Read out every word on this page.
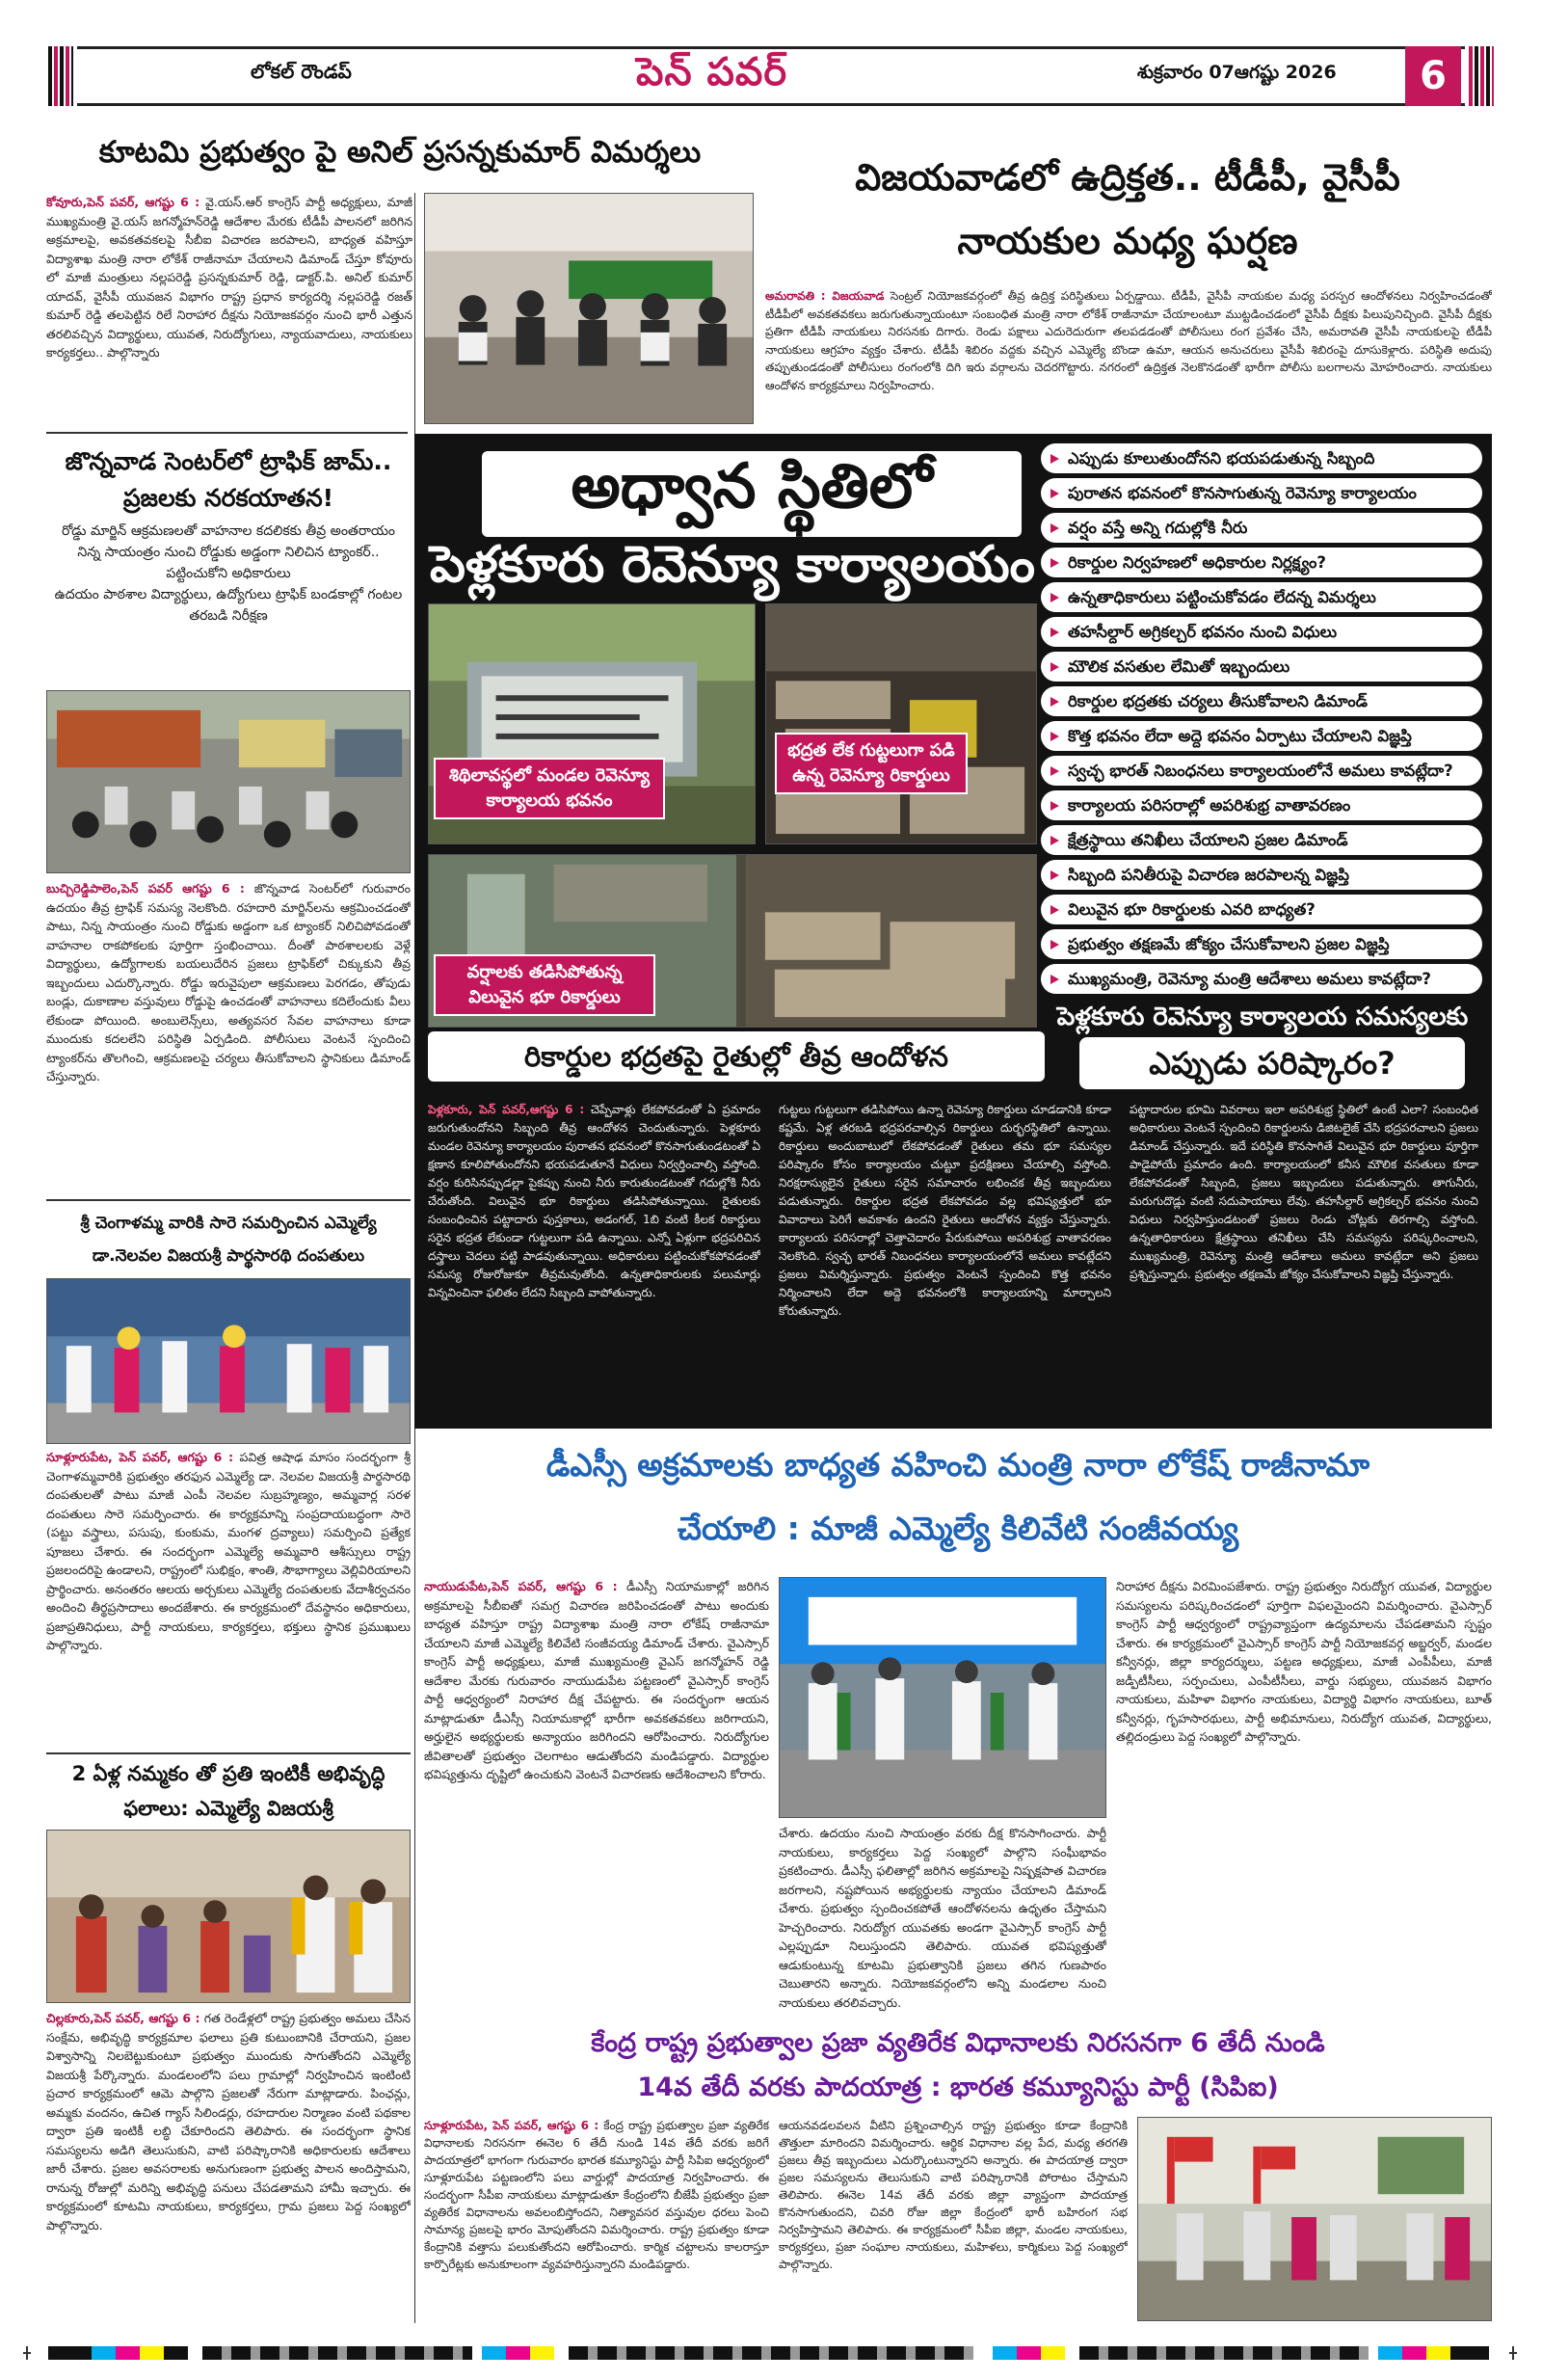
లోకల్ రౌండప్	పెన్ పవర్	శుక్రవారం 07ఆగష్టు 2026	6
కూటమి ప్రభుత్వం పై అనిల్ ప్రసన్నకుమార్ విమర్శలు
కోవూరు,పెన్ పవర్, ఆగష్టు 6 : వై.యస్.ఆర్ కాంగ్రెస్ పార్టీ అధ్యక్షులు, మాజీ ముఖ్యమంత్రి వై.యస్ జగన్మోహన్‌రెడ్డి ఆదేశాల మేరకు టీడీపీ పాలనలో జరిగిన అక్రమాలపై, అవకతవకలపై సీబీఐ విచారణ జరపాలని, బాధ్యత వహిస్తూ విద్యాశాఖ మంత్రి నారా లోకేశ్ రాజీనామా చేయాలని డిమాండ్ చేస్తూ కోవూరు లో మాజీ మంత్రులు నల్లపరెడ్డి ప్రసన్నకుమార్ రెడ్డి, డాక్టర్.పి. అనిల్ కుమార్ యాదవ్, వైసీపీ యువజన విభాగం రాష్ట్ర ప్రధాన కార్యదర్శి నల్లపరెడ్డి రజత్ కుమార్ రెడ్డి తలపెట్టిన రిలే నిరాహార దీక్షను నియోజకవర్గం నుంచి భారీ ఎత్తున తరలివచ్చిన విద్యార్థులు, యువత, నిరుద్యోగులు, న్యాయవాదులు, నాయకులు కార్యకర్తలు.. పాల్గొన్నారు
జొన్నవాడ సెంటర్‌లో ట్రాఫిక్ జామ్.. ప్రజలకు నరకయాతన!
రోడ్డు మార్జిన్ ఆక్రమణలతో వాహనాల కదలికకు తీవ్ర అంతరాయం
నిన్న సాయంత్రం నుంచి రోడ్డుకు అడ్డంగా నిలిచిన ట్యాంకర్.. పట్టించుకోని అధికారులు
ఉదయం పాఠశాల విద్యార్థులు, ఉద్యోగులు ట్రాఫిక్ బండకాల్లో గంటల తరబడి నిరీక్షణ
బుచ్చిరెడ్డిపాలెం,పెన్ పవర్ ఆగష్టు 6 : జొన్నవాడ సెంటర్‌లో గురువారం ఉదయం తీవ్ర ట్రాఫిక్ సమస్య నెలకొంది. రహదారి మార్జిన్‌లను ఆక్రమించడంతో పాటు, నిన్న సాయంత్రం నుంచి రోడ్డుకు అడ్డంగా ఒక ట్యాంకర్ నిలిచిపోవడంతో వాహనాల రాకపోకలకు పూర్తిగా స్తంభించాయి. దీంతో పాఠశాలలకు వెళ్లే విద్యార్థులు, ఉద్యోగాలకు బయలుదేరిన ప్రజలు ట్రాఫిక్‌లో చిక్కుకుని తీవ్ర ఇబ్బందులు ఎదుర్కొన్నారు. రోడ్డు ఇరువైపులా ఆక్రమణలు పెరగడం, తోపుడు బండ్లు, దుకాణాల వస్తువులు రోడ్డుపై ఉంచడంతో వాహనాలు కదిలేందుకు వీలు లేకుండా పోయింది. అంబులెన్స్‌లు, అత్యవసర సేవల వాహనాలు కూడా ముందుకు కదలలేని పరిస్థితి ఏర్పడింది. పోలీసులు వెంటనే స్పందించి ట్యాంకర్‌ను తొలగించి, ఆక్రమణలపై చర్యలు తీసుకోవాలని స్థానికులు డిమాండ్ చేస్తున్నారు.
శ్రీ చెంగాళమ్మ వారికి సారె సమర్పించిన ఎమ్మెల్యే డా.నెలవల విజయశ్రీ పార్థసారథి దంపతులు
సూళ్లూరుపేట, పెన్ పవర్, ఆగష్టు 6 : పవిత్ర ఆషాఢ మాసం సందర్భంగా శ్రీ చెంగాళమ్మవారికి ప్రభుత్వం తరఫున ఎమ్మెల్యే డా. నెలవల విజయశ్రీ పార్థసారథి దంపతులతో పాటు మాజీ ఎంపీ నెలవల సుబ్రహ్మణ్యం, అమ్మవార్ల సరళ దంపతులు సారె సమర్పించారు. ఈ కార్యక్రమాన్ని సంప్రదాయబద్ధంగా సారె (పట్టు వస్త్రాలు, పసుపు, కుంకుమ, మంగళ ద్రవ్యాలు) సమర్పించి ప్రత్యేక పూజలు చేశారు. ఈ సందర్భంగా ఎమ్మెల్యే అమ్మవారి ఆశీస్సులు రాష్ట్ర ప్రజలందరిపై ఉండాలని, రాష్ట్రంలో సుభిక్షం, శాంతి, సౌభాగ్యాలు వెల్లివిరియాలని ప్రార్థించారు. అనంతరం ఆలయ అర్చకులు ఎమ్మెల్యే దంపతులకు వేదాశీర్వచనం అందించి తీర్థప్రసాదాలు అందజేశారు. ఈ కార్యక్రమంలో దేవస్థానం అధికారులు, ప్రజాప్రతినిధులు, పార్టీ నాయకులు, కార్యకర్తలు, భక్తులు స్థానిక ప్రముఖులు పాల్గొన్నారు.
2 ఏళ్ల నమ్మకం తో ప్రతి ఇంటికీ అభివృద్ధి ఫలాలు: ఎమ్మెల్యే విజయశ్రీ
చిల్లకూరు,పెన్ పవర్, ఆగష్టు 6 : గత రెండేళ్లలో రాష్ట్ర ప్రభుత్వం అమలు చేసిన సంక్షేమ, అభివృద్ధి కార్యక్రమాల ఫలాలు ప్రతి కుటుంబానికి చేరాయని, ప్రజల విశ్వాసాన్ని నిలబెట్టుకుంటూ ప్రభుత్వం ముందుకు సాగుతోందని ఎమ్మెల్యే విజయశ్రీ పేర్కొన్నారు. మండలంలోని పలు గ్రామాల్లో నిర్వహించిన ఇంటింటి ప్రచార కార్యక్రమంలో ఆమె పాల్గొని ప్రజలతో నేరుగా మాట్లాడారు. పింఛన్లు, అమ్మకు వందనం, ఉచిత గ్యాస్ సిలిండర్లు, రహదారుల నిర్మాణం వంటి పథకాల ద్వారా ప్రతి ఇంటికీ లబ్ధి చేకూరిందని తెలిపారు. ఈ సందర్భంగా స్థానిక సమస్యలను అడిగి తెలుసుకుని, వాటి పరిష్కారానికి అధికారులకు ఆదేశాలు జారీ చేశారు. ప్రజల అవసరాలకు అనుగుణంగా ప్రభుత్వ పాలన అందిస్తామని, రానున్న రోజుల్లో మరిన్ని అభివృద్ధి పనులు చేపడతామని హామీ ఇచ్చారు. ఈ కార్యక్రమంలో కూటమి నాయకులు, కార్యకర్తలు, గ్రామ ప్రజలు పెద్ద సంఖ్యలో పాల్గొన్నారు.
విజయవాడలో ఉద్రిక్తత.. టీడీపీ, వైసీపీ
నాయకుల మధ్య ఘర్షణ
అమరావతి : విజయవాడ సెంట్రల్ నియోజకవర్గంలో తీవ్ర ఉద్రిక్త పరిస్థితులు ఏర్పడ్డాయి. టీడీపీ, వైసీపీ నాయకుల మధ్య పరస్పర ఆందోళనలు నిర్వహించడంతో టీడీపీలో అవకతవకలు జరుగుతున్నాయంటూ సంబంధిత మంత్రి నారా లోకేశ్ రాజీనామా చేయాలంటూ ముట్టడించడంలో వైసీపీ దీక్షకు పిలుపునిచ్చింది. వైసీపీ దీక్షకు ప్రతిగా టీడీపీ నాయకులు నిరసనకు దిగారు. రెండు పక్షాలు ఎదురెదురుగా తలపడడంతో పోలీసులు రంగ ప్రవేశం చేసి, అమరావతి వైసీపీ నాయకులపై టీడీపీ నాయకులు ఆగ్రహం వ్యక్తం చేశారు. టీడీపీ శిబిరం వద్దకు వచ్చిన ఎమ్మెల్యే బొండా ఉమా, ఆయన అనుచరులు వైసీపీ శిబిరంపై దూసుకెళ్లారు. పరిస్థితి అదుపు తప్పుతుండడంతో పోలీసులు రంగంలోకి దిగి ఇరు వర్గాలను చెదరగొట్టారు. నగరంలో ఉద్రిక్తత నెలకొనడంతో భారీగా పోలీసు బలగాలను మోహరించారు. నాయకులు ఆందోళన కార్యక్రమాలు నిర్వహించారు.
అధ్వాన స్థితిలో
పెళ్లకూరు రెవెన్యూ కార్యాలయం
శిథిలావస్థలో మండల రెవెన్యూ కార్యాలయ భవనం
భద్రత లేక గుట్టలుగా పడి ఉన్న రెవెన్యూ రికార్డులు
వర్షాలకు తడిసిపోతున్న విలువైన భూ రికార్డులు
ఎప్పుడు కూలుతుందోనని భయపడుతున్న సిబ్బంది
పురాతన భవనంలో కొనసాగుతున్న రెవెన్యూ కార్యాలయం
వర్షం వస్తే అన్ని గదుల్లోకి నీరు
రికార్డుల నిర్వహణలో అధికారుల నిర్లక్ష్యం?
ఉన్నతాధికారులు పట్టించుకోవడం లేదన్న విమర్శలు
తహసీల్దార్ అగ్రికల్చర్ భవనం నుంచి విధులు
మౌలిక వసతుల లేమితో ఇబ్బందులు
రికార్డుల భద్రతకు చర్యలు తీసుకోవాలని డిమాండ్
కొత్త భవనం లేదా అద్దె భవనం ఏర్పాటు చేయాలని విజ్ఞప్తి
స్వచ్ఛ భారత్ నిబంధనలు కార్యాలయంలోనే అమలు కావట్లేదా?
కార్యాలయ పరిసరాల్లో అపరిశుభ్ర వాతావరణం
క్షేత్రస్థాయి తనిఖీలు చేయాలని ప్రజల డిమాండ్
సిబ్బంది పనితీరుపై విచారణ జరపాలన్న విజ్ఞప్తి
విలువైన భూ రికార్డులకు ఎవరి బాధ్యత?
ప్రభుత్వం తక్షణమే జోక్యం చేసుకోవాలని ప్రజల విజ్ఞప్తి
ముఖ్యమంత్రి, రెవెన్యూ మంత్రి ఆదేశాలు అమలు కావట్లేదా?
పెళ్లకూరు రెవెన్యూ కార్యాలయ సమస్యలకు
ఎప్పుడు పరిష్కారం?
రికార్డుల భద్రతపై రైతుల్లో తీవ్ర ఆందోళన
పెళ్లకూరు, పెన్ పవర్,ఆగష్టు 6 : చెప్పేవాళ్లు లేకపోవడంతో ఏ ప్రమాదం జరుగుతుందోనని సిబ్బంది తీవ్ర ఆందోళన చెందుతున్నారు. పెళ్లకూరు మండల రెవెన్యూ కార్యాలయం పురాతన భవనంలో కొనసాగుతుండటంతో ఏ క్షణాన కూలిపోతుందోనని భయపడుతూనే విధులు నిర్వర్తించాల్సి వస్తోంది. వర్షం కురిసినప్పుడల్లా పైకప్పు నుంచి నీరు కారుతుండటంతో గదుల్లోకి నీరు చేరుతోంది. విలువైన భూ రికార్డులు తడిసిపోతున్నాయి. రైతులకు సంబంధించిన పట్టాదారు పుస్తకాలు, అడంగల్, 1బి వంటి కీలక రికార్డులు సరైన భద్రత లేకుండా గుట్టలుగా పడి ఉన్నాయి. ఎన్నో ఏళ్లుగా భద్రపరిచిన దస్త్రాలు చెదలు పట్టి పాడవుతున్నాయి. అధికారులు పట్టించుకోకపోవడంతో సమస్య రోజురోజుకూ తీవ్రమవుతోంది. ఉన్నతాధికారులకు పలుమార్లు విన్నవించినా ఫలితం లేదని సిబ్బంది వాపోతున్నారు.
గుట్టలు గుట్టలుగా తడిసిపోయి ఉన్నా రెవెన్యూ రికార్డులు చూడడానికి కూడా కష్టమే. ఏళ్ల తరబడి భద్రపరచాల్సిన రికార్డులు దుర్భరస్థితిలో ఉన్నాయి. రికార్డులు అందుబాటులో లేకపోవడంతో రైతులు తమ భూ సమస్యల పరిష్కారం కోసం కార్యాలయం చుట్టూ ప్రదక్షిణలు చేయాల్సి వస్తోంది. నిరక్షరాస్యులైన రైతులు సరైన సమాచారం లభించక తీవ్ర ఇబ్బందులు పడుతున్నారు. రికార్డుల భద్రత లేకపోవడం వల్ల భవిష్యత్తులో భూ వివాదాలు పెరిగే అవకాశం ఉందని రైతులు ఆందోళన వ్యక్తం చేస్తున్నారు. కార్యాలయ పరిసరాల్లో చెత్తాచెదారం పేరుకుపోయి అపరిశుభ్ర వాతావరణం నెలకొంది. స్వచ్ఛ భారత్ నిబంధనలు కార్యాలయంలోనే అమలు కావట్లేదని ప్రజలు విమర్శిస్తున్నారు. ప్రభుత్వం వెంటనే స్పందించి కొత్త భవనం నిర్మించాలని లేదా అద్దె భవనంలోకి కార్యాలయాన్ని మార్చాలని కోరుతున్నారు.
పట్టాదారుల భూమి వివరాలు ఇలా అపరిశుభ్ర స్థితిలో ఉంటే ఎలా? సంబంధిత అధికారులు వెంటనే స్పందించి రికార్డులను డిజిటలైజ్ చేసి భద్రపరచాలని ప్రజలు డిమాండ్ చేస్తున్నారు. ఇదే పరిస్థితి కొనసాగితే విలువైన భూ రికార్డులు పూర్తిగా పాడైపోయే ప్రమాదం ఉంది. కార్యాలయంలో కనీస మౌలిక వసతులు కూడా లేకపోవడంతో సిబ్బంది, ప్రజలు ఇబ్బందులు పడుతున్నారు. తాగునీరు, మరుగుదొడ్లు వంటి సదుపాయాలు లేవు. తహసీల్దార్ అగ్రికల్చర్ భవనం నుంచి విధులు నిర్వహిస్తుండటంతో ప్రజలు రెండు చోట్లకు తిరగాల్సి వస్తోంది. ఉన్నతాధికారులు క్షేత్రస్థాయి తనిఖీలు చేసి సమస్యను పరిష్కరించాలని, ముఖ్యమంత్రి, రెవెన్యూ మంత్రి ఆదేశాలు అమలు కావట్లేదా అని ప్రజలు ప్రశ్నిస్తున్నారు. ప్రభుత్వం తక్షణమే జోక్యం చేసుకోవాలని విజ్ఞప్తి చేస్తున్నారు.
డీఎస్సీ అక్రమాలకు బాధ్యత వహించి మంత్రి నారా లోకేష్ రాజీనామా
చేయాలి : మాజీ ఎమ్మెల్యే కిలివేటి సంజీవయ్య
నాయుడుపేట,పెన్ పవర్, ఆగష్టు 6 : డీఎస్సీ నియామకాల్లో జరిగిన అక్రమాలపై సీబీఐతో సమగ్ర విచారణ జరిపించడంతో పాటు అందుకు బాధ్యత వహిస్తూ రాష్ట్ర విద్యాశాఖ మంత్రి నారా లోకేష్ రాజీనామా చేయాలని మాజీ ఎమ్మెల్యే కిలివేటి సంజీవయ్య డిమాండ్ చేశారు. వైఎస్సార్ కాంగ్రెస్ పార్టీ అధ్యక్షులు, మాజీ ముఖ్యమంత్రి వైఎస్ జగన్మోహన్ రెడ్డి ఆదేశాల మేరకు గురువారం నాయుడుపేట పట్టణంలో వైఎస్సార్ కాంగ్రెస్ పార్టీ ఆధ్వర్యంలో నిరాహార దీక్ష చేపట్టారు. ఈ సందర్భంగా ఆయన మాట్లాడుతూ డీఎస్సీ నియామకాల్లో భారీగా అవకతవకలు జరిగాయని, అర్హులైన అభ్యర్థులకు అన్యాయం జరిగిందని ఆరోపించారు. నిరుద్యోగుల జీవితాలతో ప్రభుత్వం చెలగాటం ఆడుతోందని మండిపడ్డారు. విద్యార్థుల భవిష్యత్తును దృష్టిలో ఉంచుకుని వెంటనే విచారణకు ఆదేశించాలని కోరారు.
చేశారు. ఉదయం నుంచి సాయంత్రం వరకు దీక్ష కొనసాగించారు. పార్టీ నాయకులు, కార్యకర్తలు పెద్ద సంఖ్యలో పాల్గొని సంఘీభావం ప్రకటించారు. డీఎస్సీ ఫలితాల్లో జరిగిన అక్రమాలపై నిష్పక్షపాత విచారణ జరగాలని, నష్టపోయిన అభ్యర్థులకు న్యాయం చేయాలని డిమాండ్ చేశారు. ప్రభుత్వం స్పందించకపోతే ఆందోళనలను ఉధృతం చేస్తామని హెచ్చరించారు. నిరుద్యోగ యువతకు అండగా వైఎస్సార్ కాంగ్రెస్ పార్టీ ఎల్లప్పుడూ నిలుస్తుందని తెలిపారు. యువత భవిష్యత్తుతో ఆడుకుంటున్న కూటమి ప్రభుత్వానికి ప్రజలు తగిన గుణపాఠం చెబుతారని అన్నారు. నియోజకవర్గంలోని అన్ని మండలాల నుంచి నాయకులు తరలివచ్చారు.
నిరాహార దీక్షను విరమింపజేశారు. రాష్ట్ర ప్రభుత్వం నిరుద్యోగ యువత, విద్యార్థుల సమస్యలను పరిష్కరించడంలో పూర్తిగా విఫలమైందని విమర్శించారు. వైఎస్సార్ కాంగ్రెస్ పార్టీ ఆధ్వర్యంలో రాష్ట్రవ్యాప్తంగా ఉద్యమాలను చేపడతామని స్పష్టం చేశారు. ఈ కార్యక్రమంలో వైఎస్సార్ కాంగ్రెస్ పార్టీ నియోజకవర్గ అబ్జర్వర్, మండల కన్వీనర్లు, జిల్లా కార్యదర్శులు, పట్టణ అధ్యక్షులు, మాజీ ఎంపీపీలు, మాజీ జడ్పీటీసీలు, సర్పంచులు, ఎంపీటీసీలు, వార్డు సభ్యులు, యువజన విభాగం నాయకులు, మహిళా విభాగం నాయకులు, విద్యార్థి విభాగం నాయకులు, బూత్ కన్వీనర్లు, గృహసారథులు, పార్టీ అభిమానులు, నిరుద్యోగ యువత, విద్యార్థులు, తల్లిదండ్రులు పెద్ద సంఖ్యలో పాల్గొన్నారు.
కేంద్ర రాష్ట్ర ప్రభుత్వాల ప్రజా వ్యతిరేక విధానాలకు నిరసనగా 6 తేదీ నుండి
14వ తేదీ వరకు పాదయాత్ర : భారత కమ్యూనిస్టు పార్టీ (సిపిఐ)
సూళ్లూరుపేట, పెన్ పవర్, ఆగష్టు 6 : కేంద్ర రాష్ట్ర ప్రభుత్వాల ప్రజా వ్యతిరేక విధానాలకు నిరసనగా ఈనెల 6 తేదీ నుండి 14వ తేదీ వరకు జరిగే పాదయాత్రలో భాగంగా గురువారం భారత కమ్యూనిస్టు పార్టీ సిపిఐ ఆధ్వర్యంలో సూళ్లూరుపేట పట్టణంలోని పలు వార్డుల్లో పాదయాత్ర నిర్వహించారు. ఈ సందర్భంగా సీపీఐ నాయకులు మాట్లాడుతూ కేంద్రంలోని బీజేపీ ప్రభుత్వం ప్రజా వ్యతిరేక విధానాలను అవలంబిస్తోందని, నిత్యావసర వస్తువుల ధరలు పెంచి సామాన్య ప్రజలపై భారం మోపుతోందని విమర్శించారు. రాష్ట్ర ప్రభుత్వం కూడా కేంద్రానికి వత్తాసు పలుకుతోందని ఆరోపించారు. కార్మిక చట్టాలను కాలరాస్తూ కార్పొరేట్లకు అనుకూలంగా వ్యవహరిస్తున్నారని మండిపడ్డారు.
ఆయనవడలవలన వీటిని ప్రశ్నించాల్సిన రాష్ట్ర ప్రభుత్వం కూడా కేంద్రానికి తొత్తులా మారిందని విమర్శించారు. ఆర్థిక విధానాల వల్ల పేద, మధ్య తరగతి ప్రజలు తీవ్ర ఇబ్బందులు ఎదుర్కొంటున్నారని అన్నారు. ఈ పాదయాత్ర ద్వారా ప్రజల సమస్యలను తెలుసుకుని వాటి పరిష్కారానికి పోరాటం చేస్తామని తెలిపారు. ఈనెల 14వ తేదీ వరకు జిల్లా వ్యాప్తంగా పాదయాత్ర కొనసాగుతుందని, చివరి రోజు జిల్లా కేంద్రంలో భారీ బహిరంగ సభ నిర్వహిస్తామని తెలిపారు. ఈ కార్యక్రమంలో సీపీఐ జిల్లా, మండల నాయకులు, కార్యకర్తలు, ప్రజా సంఘాల నాయకులు, మహిళలు, కార్మికులు పెద్ద సంఖ్యలో పాల్గొన్నారు.
